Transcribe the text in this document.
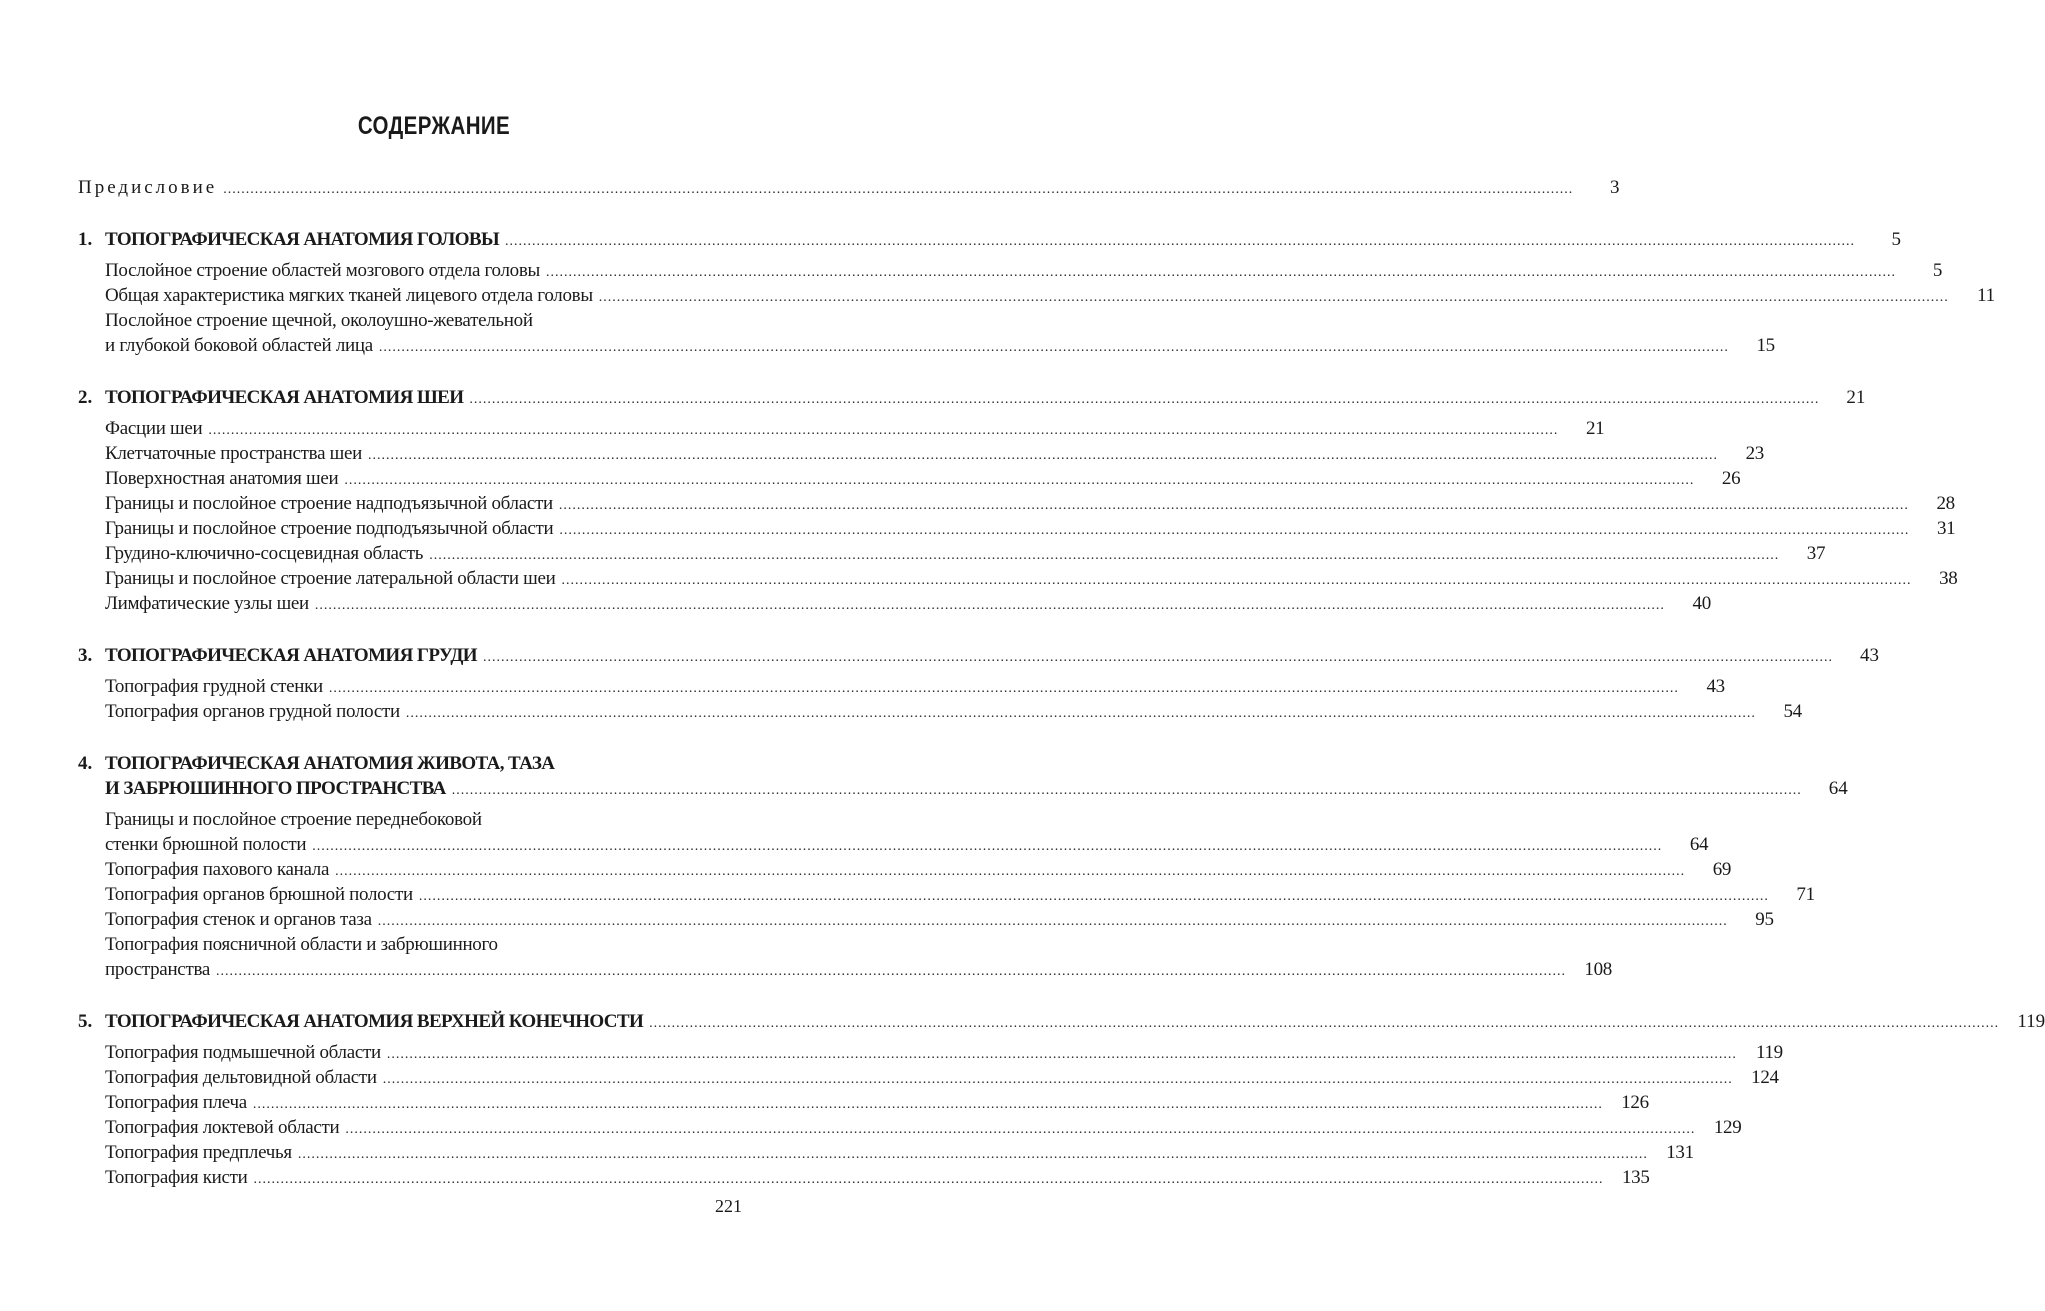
СОДЕРЖАНИЕ
Предисловие ............................................................................................................................................................................................................................................................................................................	3
1. ТОПОГРАФИЧЕСКАЯ АНАТОМИЯ ГОЛОВЫ ............................................................................................................................................................................................................................................................................................................	5
Послойное строение областей мозгового отдела головы ............................................................................................................................................................................................................................................................................................................	5
Общая характеристика мягких тканей лицевого отдела головы ............................................................................................................................................................................................................................................................................................................	11
Послойное строение щечной, околоушно-жевательной
и глубокой боковой областей лица ............................................................................................................................................................................................................................................................................................................	15
2. ТОПОГРАФИЧЕСКАЯ АНАТОМИЯ ШЕИ ............................................................................................................................................................................................................................................................................................................	21
Фасции шеи ............................................................................................................................................................................................................................................................................................................	21
Клетчаточные пространства шеи ............................................................................................................................................................................................................................................................................................................	23
Поверхностная анатомия шеи ............................................................................................................................................................................................................................................................................................................	26
Границы и послойное строение надподъязычной области ............................................................................................................................................................................................................................................................................................................	28
Границы и послойное строение подподъязычной области ............................................................................................................................................................................................................................................................................................................	31
Грудино-ключично-сосцевидная область ............................................................................................................................................................................................................................................................................................................	37
Границы и послойное строение латеральной области шеи ............................................................................................................................................................................................................................................................................................................	38
Лимфатические узлы шеи ............................................................................................................................................................................................................................................................................................................	40
3. ТОПОГРАФИЧЕСКАЯ АНАТОМИЯ ГРУДИ ............................................................................................................................................................................................................................................................................................................	43
Топография грудной стенки ............................................................................................................................................................................................................................................................................................................	43
Топография органов грудной полости ............................................................................................................................................................................................................................................................................................................	54
4. ТОПОГРАФИЧЕСКАЯ АНАТОМИЯ ЖИВОТА, ТАЗА
И ЗАБРЮШИННОГО ПРОСТРАНСТВА ............................................................................................................................................................................................................................................................................................................	64
Границы и послойное строение переднебоковой
стенки брюшной полости ............................................................................................................................................................................................................................................................................................................	64
Топография пахового канала ............................................................................................................................................................................................................................................................................................................	69
Топография органов брюшной полости ............................................................................................................................................................................................................................................................................................................	71
Топография стенок и органов таза ............................................................................................................................................................................................................................................................................................................	95
Топография поясничной области и забрюшинного
пространства ............................................................................................................................................................................................................................................................................................................ 108
5. ТОПОГРАФИЧЕСКАЯ АНАТОМИЯ ВЕРХНЕЙ КОНЕЧНОСТИ ............................................................................................................................................................................................................................................................................................................ 119
Топография подмышечной области ............................................................................................................................................................................................................................................................................................................	119
Топография дельтовидной области ............................................................................................................................................................................................................................................................................................................ 124
Топография плеча ............................................................................................................................................................................................................................................................................................................ 126
Топография локтевой области ............................................................................................................................................................................................................................................................................................................ 129
Топография предплечья ............................................................................................................................................................................................................................................................................................................ 131
Топография кисти ............................................................................................................................................................................................................................................................................................................ 135
221
